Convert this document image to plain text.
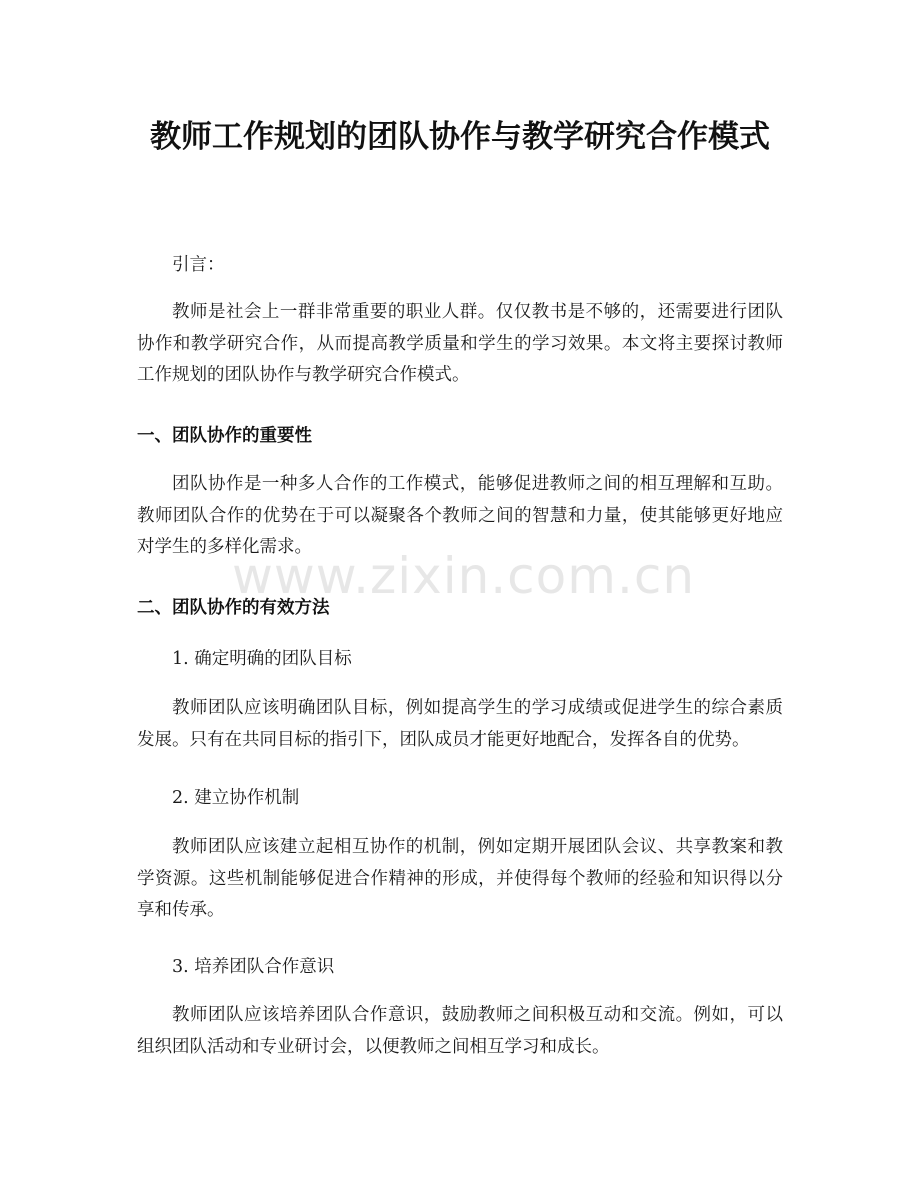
教师工作规划的团队协作与教学研究合作模式

引言：

教师是社会上一群非常重要的职业人群。仅仅教书是不够的，还需要进行团队协作和教学研究合作，从而提高教学质量和学生的学习效果。本文将主要探讨教师工作规划的团队协作与教学研究合作模式。

一、团队协作的重要性

团队协作是一种多人合作的工作模式，能够促进教师之间的相互理解和互助。教师团队合作的优势在于可以凝聚各个教师之间的智慧和力量，使其能够更好地应对学生的多样化需求。

二、团队协作的有效方法

1. 确定明确的团队目标

教师团队应该明确团队目标，例如提高学生的学习成绩或促进学生的综合素质发展。只有在共同目标的指引下，团队成员才能更好地配合，发挥各自的优势。

2. 建立协作机制

教师团队应该建立起相互协作的机制，例如定期开展团队会议、共享教案和教学资源。这些机制能够促进合作精神的形成，并使得每个教师的经验和知识得以分享和传承。

3. 培养团队合作意识

教师团队应该培养团队合作意识，鼓励教师之间积极互动和交流。例如，可以组织团队活动和专业研讨会，以便教师之间相互学习和成长。

www.zixin.com.cn
